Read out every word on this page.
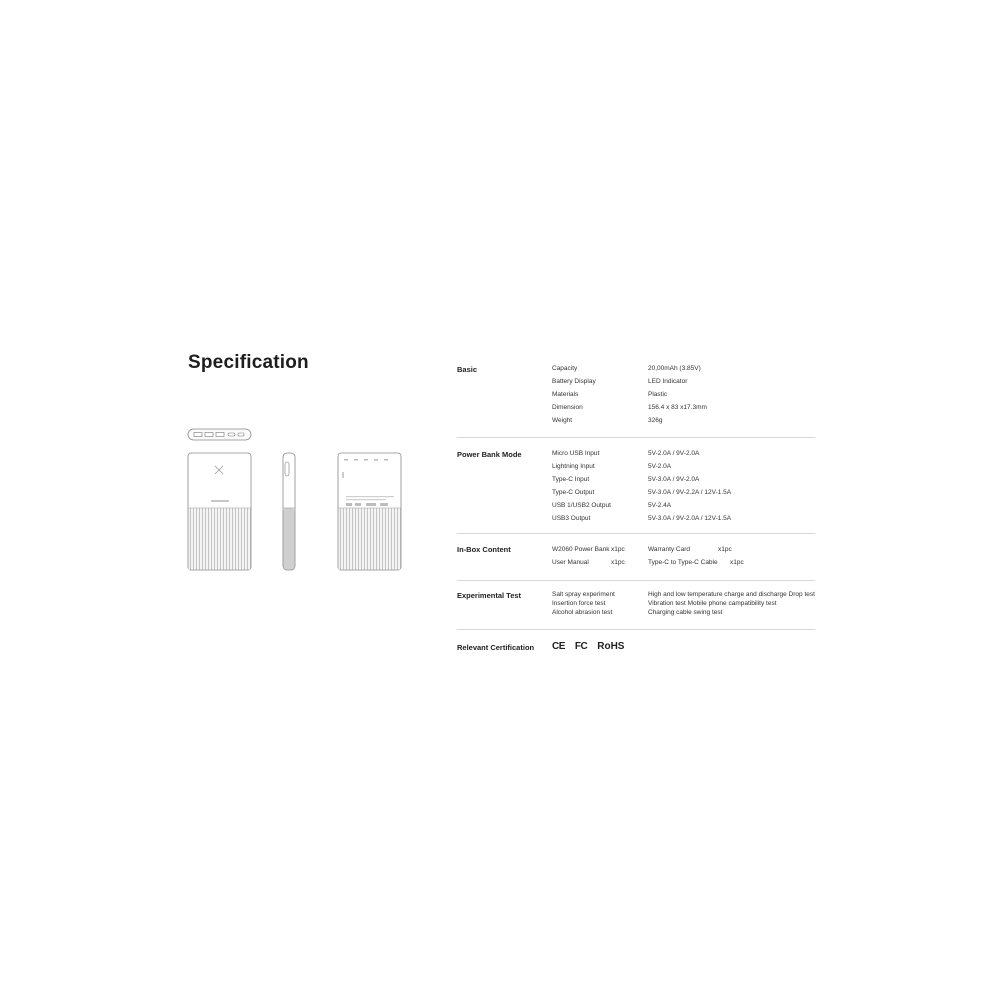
Specification	Basic	Capacity	20,00mAh (3.85V)
Battery Display	LED Indicator
Materials	Plastic
Dimension	156.4 x 83 x17.3mm
Weight	326g
Power Bank Mode	Micro USB Input	5V-2.0A / 9V-2.0A
Lightning Input	5V-2.0A
Type-C Input	5V-3.0A / 9V-2.0A
Type-C Output	5V-3.0A / 9V-2.2A / 12V-1.5A
USB 1/USB2 Output	5V-2.4A
USB3 Output	5V-3.0A / 9V-2.0A / 12V-1.5A
In-Box Content	W2060 Power Bank x1pc	Warranty Card	x1pc
User Manual	x1pc	Type-C to Type-C Cable x1pc
Experimental Test	Salt spray experiment	High and low temperature charge and discharge Drop test
Insertion force test	Vibration test Mobile phone campatibility test
Alcohol abrasion test	Charging cable swing test
Relevant Certification CE FC RoHS
